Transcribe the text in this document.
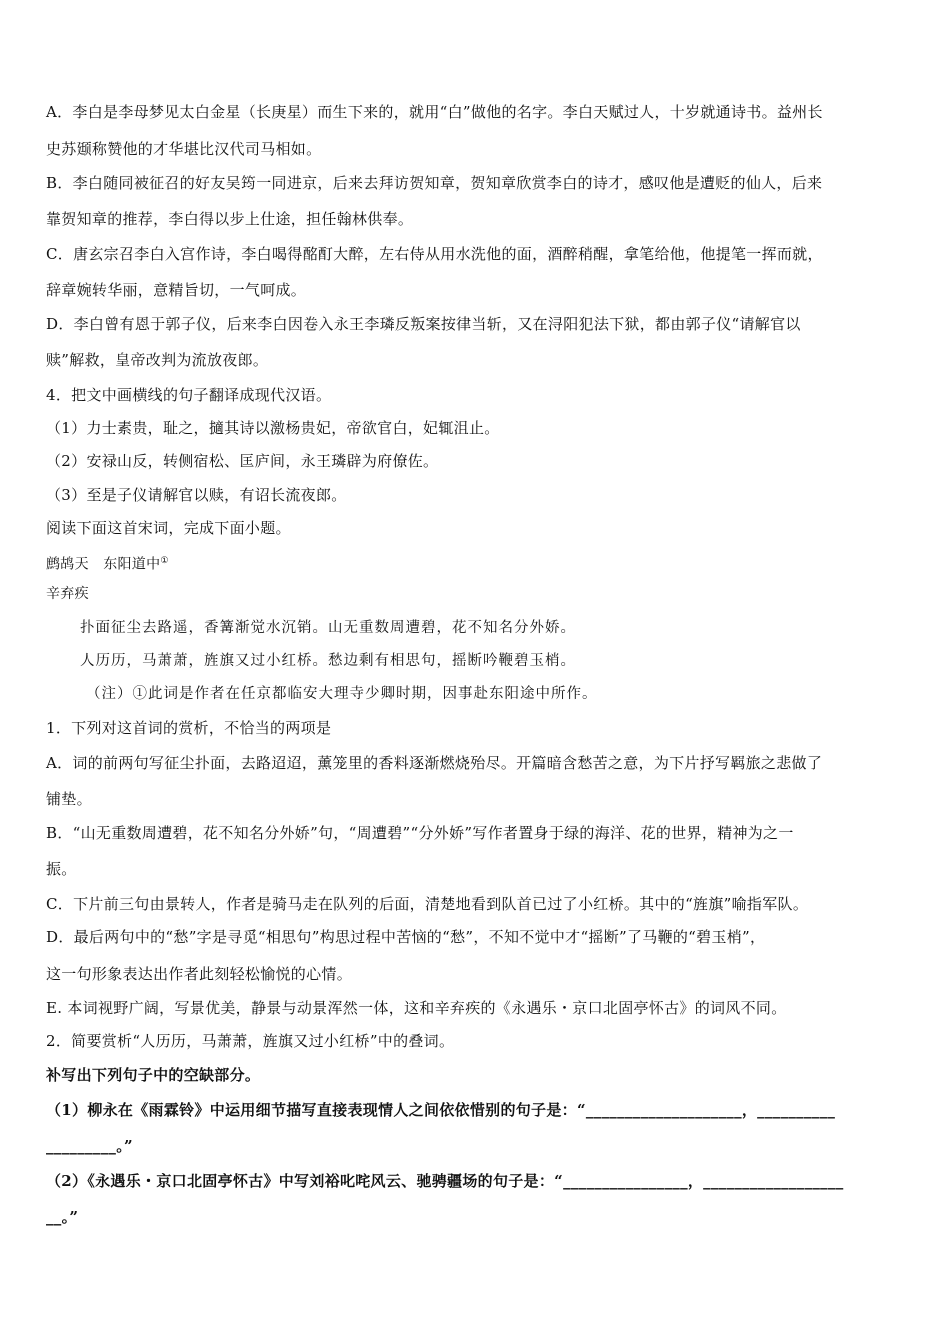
A．李白是李母梦见太白金星（长庚星）而生下来的，就用“白”做他的名字。李白天赋过人，十岁就通诗书。益州长
史苏颋称赞他的才华堪比汉代司马相如。
B．李白随同被征召的好友吴筠一同进京，后来去拜访贺知章，贺知章欣赏李白的诗才，感叹他是遭贬的仙人，后来
靠贺知章的推荐，李白得以步上仕途，担任翰林供奉。
C．唐玄宗召李白入宫作诗，李白喝得酩酊大醉，左右侍从用水洗他的面，酒醉稍醒，拿笔给他，他提笔一挥而就，
辞章婉转华丽，意精旨切，一气呵成。
D．李白曾有恩于郭子仪，后来李白因卷入永王李璘反叛案按律当斩，又在浔阳犯法下狱，都由郭子仪“请解官以
赎”解救，皇帝改判为流放夜郎。
4．把文中画横线的句子翻译成现代汉语。
（1）力士素贵，耻之，擿其诗以激杨贵妃，帝欲官白，妃辄沮止。
（2）安禄山反，转侧宿松、匡庐间，永王璘辟为府僚佐。
（3）至是子仪请解官以赎，有诏长流夜郎。
阅读下面这首宋词，完成下面小题。
鹧鸪天　东阳道中①
辛弃疾
扑面征尘去路遥，香篝渐觉水沉销。山无重数周遭碧，花不知名分外娇。
人历历，马萧萧，旌旗又过小红桥。愁边剩有相思句，摇断吟鞭碧玉梢。
（注）①此词是作者在任京都临安大理寺少卿时期，因事赴东阳途中所作。
1．下列对这首词的赏析，不恰当的两项是
A．词的前两句写征尘扑面，去路迢迢，薰笼里的香料逐渐燃烧殆尽。开篇暗含愁苦之意，为下片抒写羁旅之悲做了
铺垫。
B．“山无重数周遭碧，花不知名分外娇”句，“周遭碧”“分外娇”写作者置身于绿的海洋、花的世界，精神为之一
振。
C．下片前三句由景转人，作者是骑马走在队列的后面，清楚地看到队首已过了小红桥。其中的“旌旗”喻指军队。
D．最后两句中的“愁”字是寻觅“相思句”构思过程中苦恼的“愁”，不知不觉中才“摇断”了马鞭的“碧玉梢”，
这一句形象表达出作者此刻轻松愉悦的心情。
E. 本词视野广阔，写景优美，静景与动景浑然一体，这和辛弃疾的《永遇乐・京口北固亭怀古》的词风不同。
2．简要赏析“人历历，马萧萧，旌旗又过小红桥”中的叠词。
补写出下列句子中的空缺部分。
（1）柳永在《雨霖铃》中运用细节描写直接表现情人之间依依惜别的句子是：“____________________，__________
_________。”
（2）《永遇乐・京口北固亭怀古》中写刘裕叱咤风云、驰骋疆场的句子是：“________________，__________________
__。”
